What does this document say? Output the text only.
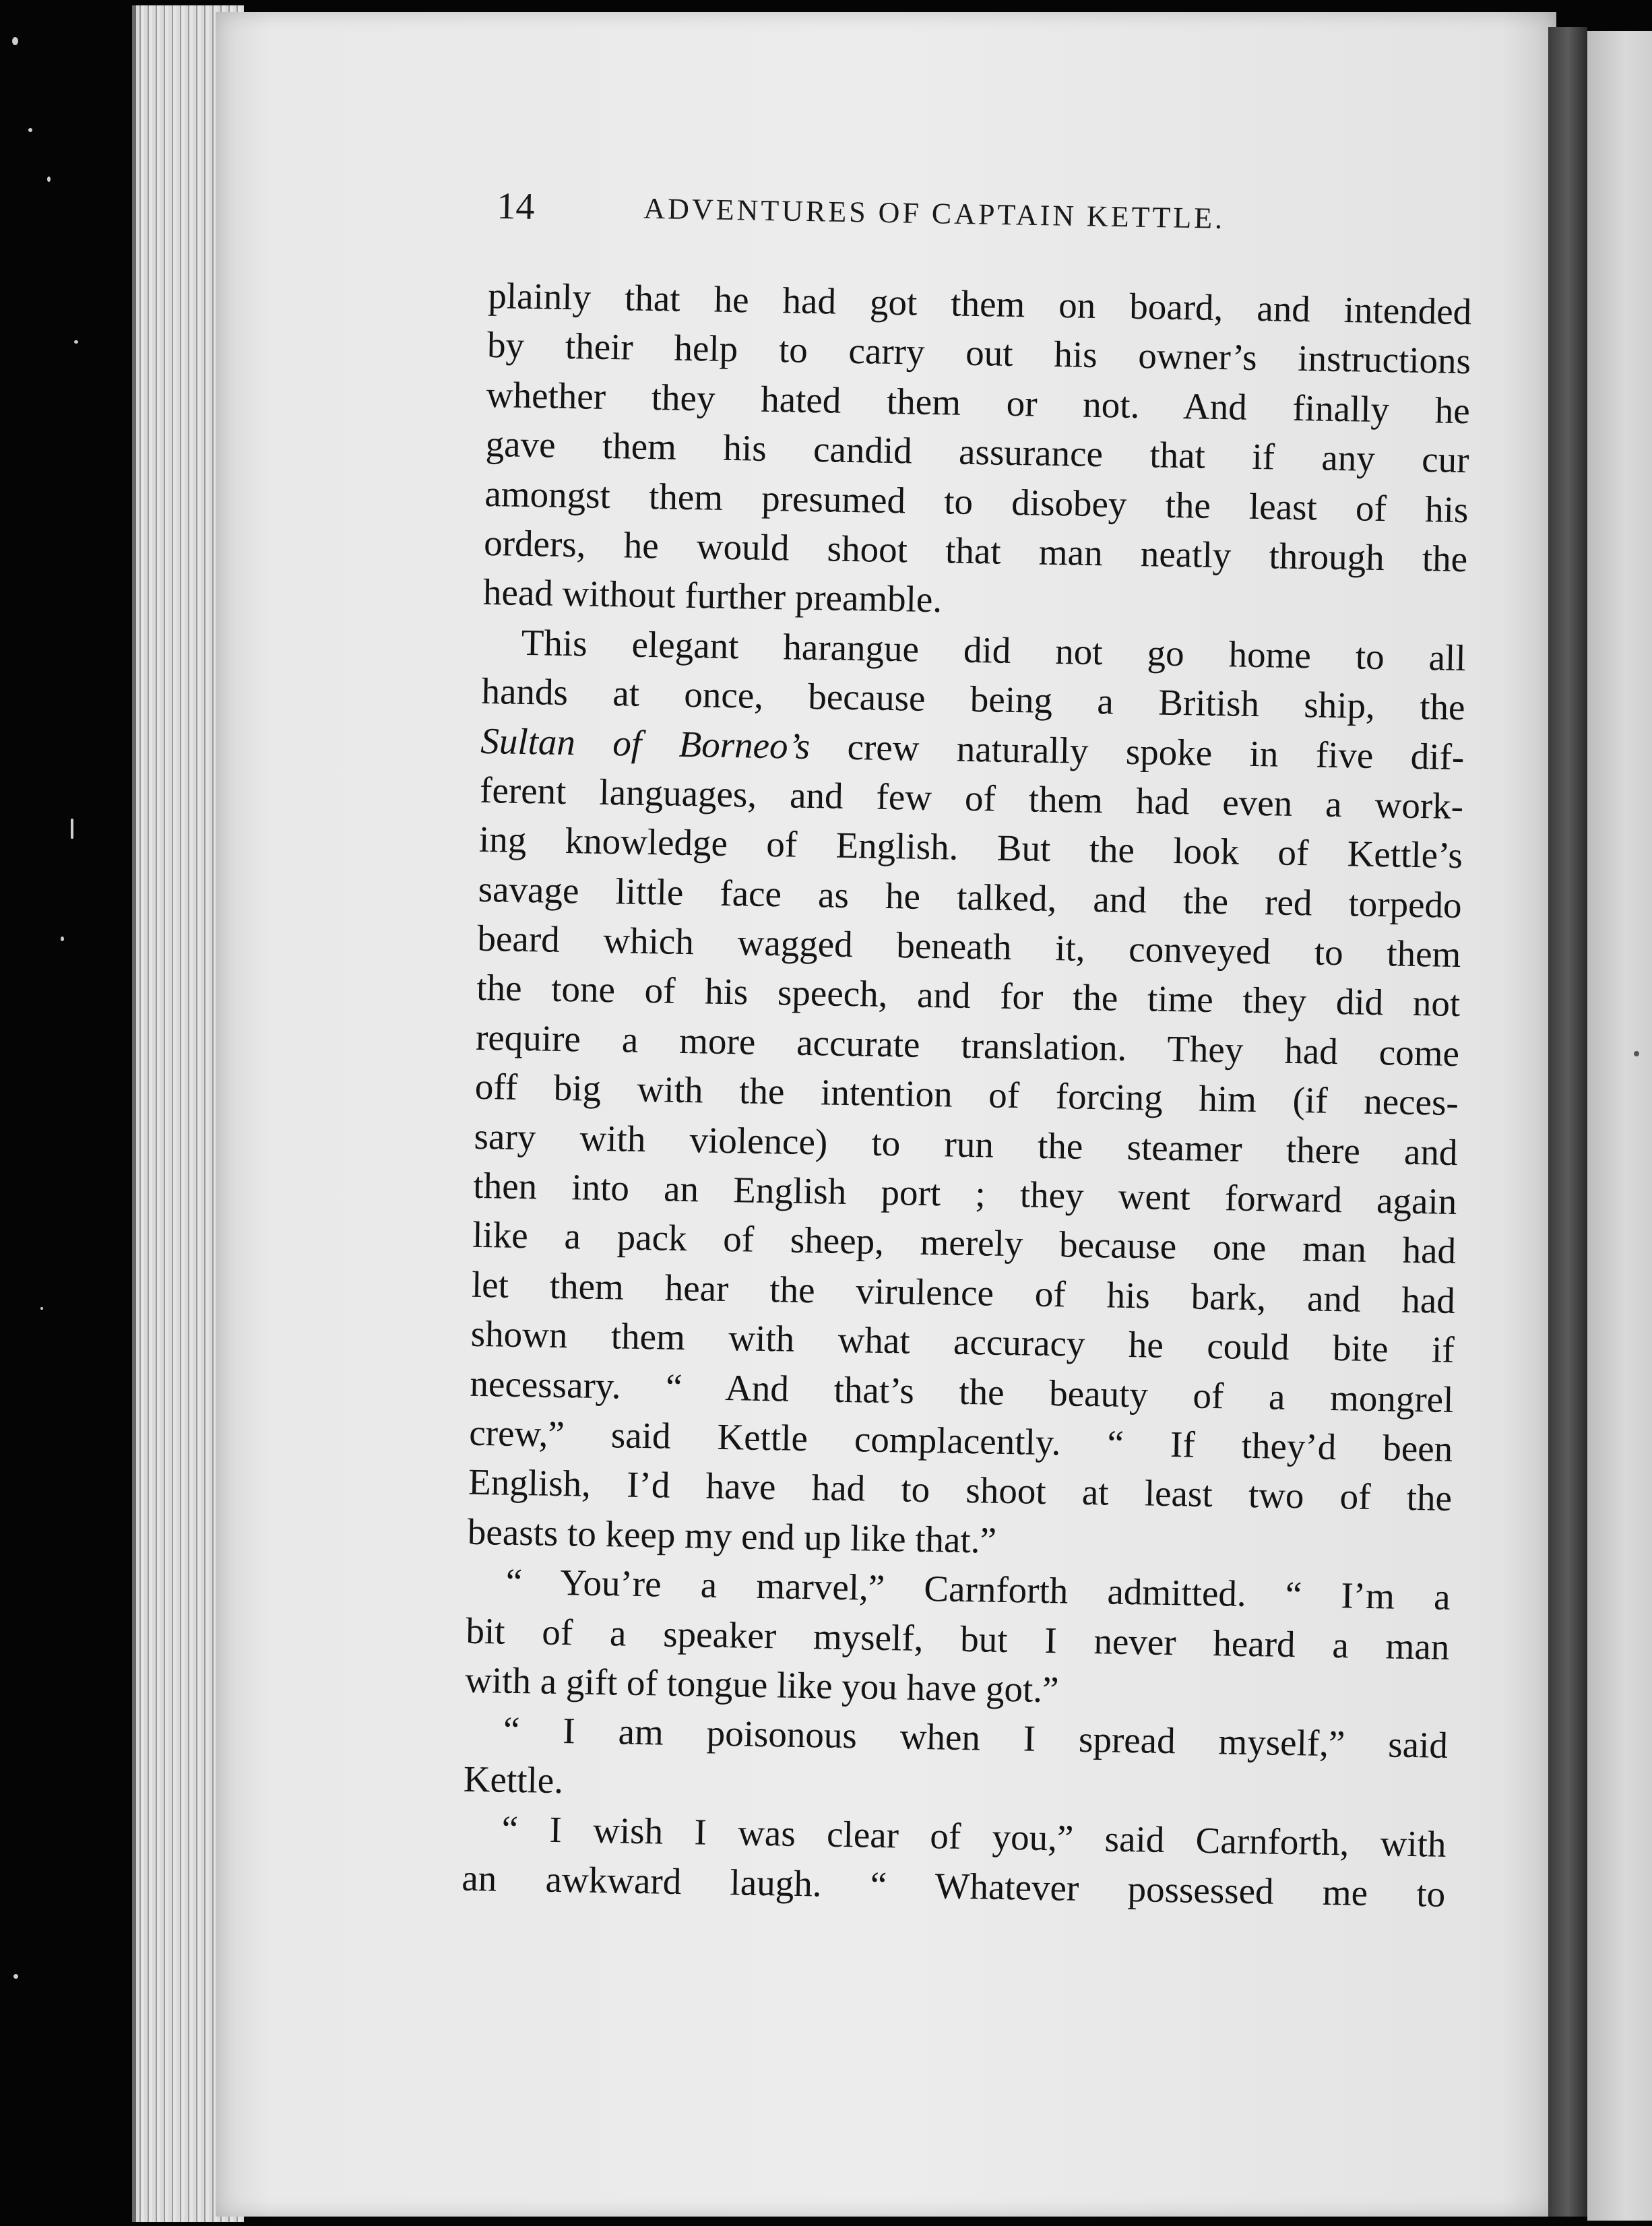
14	ADVENTURES OF CAPTAIN KETTLE.
plainly that he had got them on board, and intended
by their help to carry out his owner’s instructions
whether they hated them or not. And finally he
gave them his candid assurance that if any cur
amongst them presumed to disobey the least of his
orders, he would shoot that man neatly through the
head without further preamble.
This elegant harangue did not go home to all
hands at once, because being a British ship, the
Sultan of Borneo’s crew naturally spoke in five dif-
ferent languages, and few of them had even a work-
ing knowledge of English. But the look of Kettle’s
savage little face as he talked, and the red torpedo
beard which wagged beneath it, conveyed to them
the tone of his speech, and for the time they did not
require a more accurate translation. They had come
off big with the intention of forcing him (if neces-
sary with violence) to run the steamer there and
then into an English port ; they went forward again
like a pack of sheep, merely because one man had
let them hear the virulence of his bark, and had
shown them with what accuracy he could bite if
necessary. “ And that’s the beauty of a mongrel
crew,” said Kettle complacently. “ If they’d been
English, I’d have had to shoot at least two of the
beasts to keep my end up like that.”
“ You’re a marvel,” Carnforth admitted. “ I’m a
bit of a speaker myself, but I never heard a man
with a gift of tongue like you have got.”
“ I am poisonous when I spread myself,” said
Kettle.
“ I wish I was clear of you,” said Carnforth, with
an awkward laugh. “ Whatever possessed me to
